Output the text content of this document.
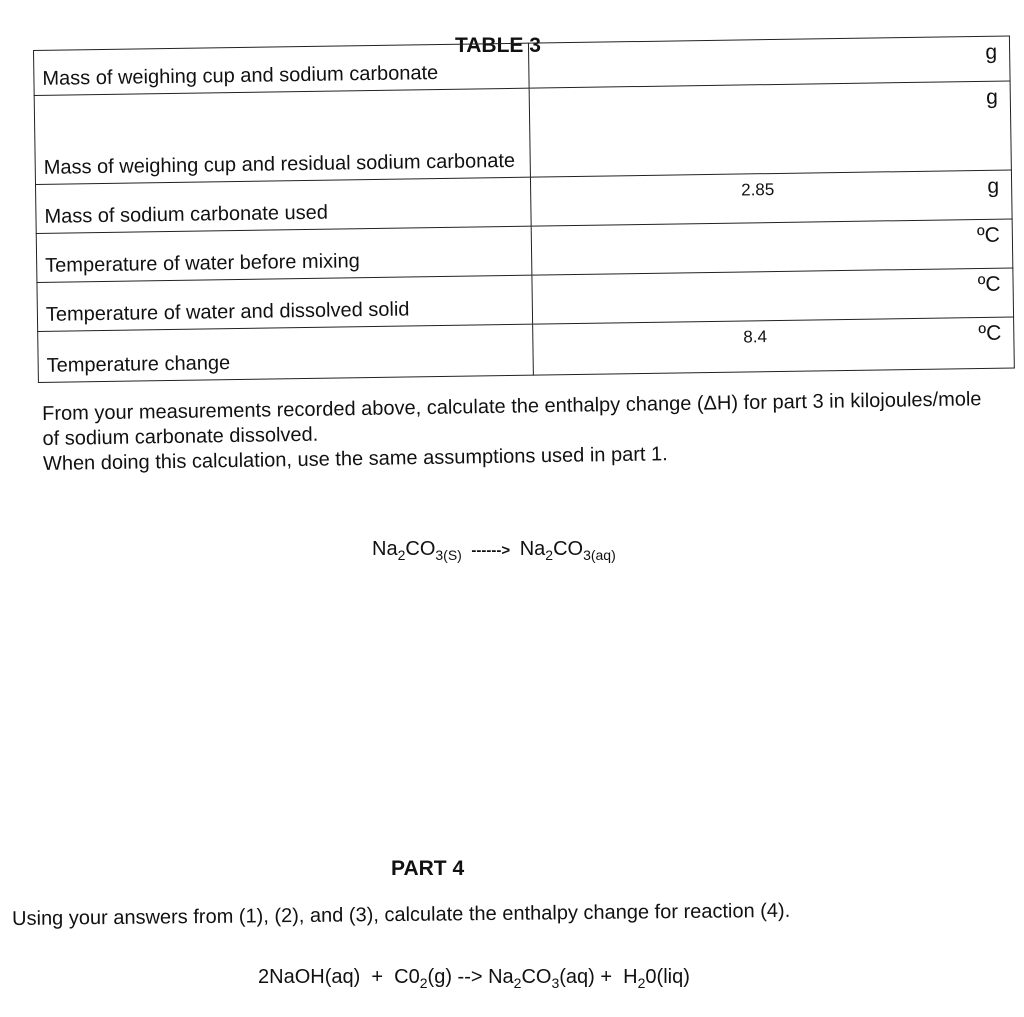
TABLE 3
Mass of weighing cup and sodium carbonate	g

Mass of weighing cup and residual sodium carbonate	g

Mass of sodium carbonate used	2.85 g

Temperature of water before mixing	ºC

Temperature of water and dissolved solid	ºC

Temperature change	8.4 ºC

From your measurements recorded above, calculate the enthalpy change (ΔH) for part 3 in kilojoules/mole of sodium carbonate dissolved.

When doing this calculation, use the same assumptions used in part 1.

$Na_2CO_{3(S)}$ ------> $Na_2CO_{3(aq)}$
PART 4
Using your answers from (1), (2), and (3), calculate the enthalpy change for reaction (4).
2NaOH(aq)  +  $C0_2(g)$ --> $Na_2CO_3(aq) + H_20(liq)$
